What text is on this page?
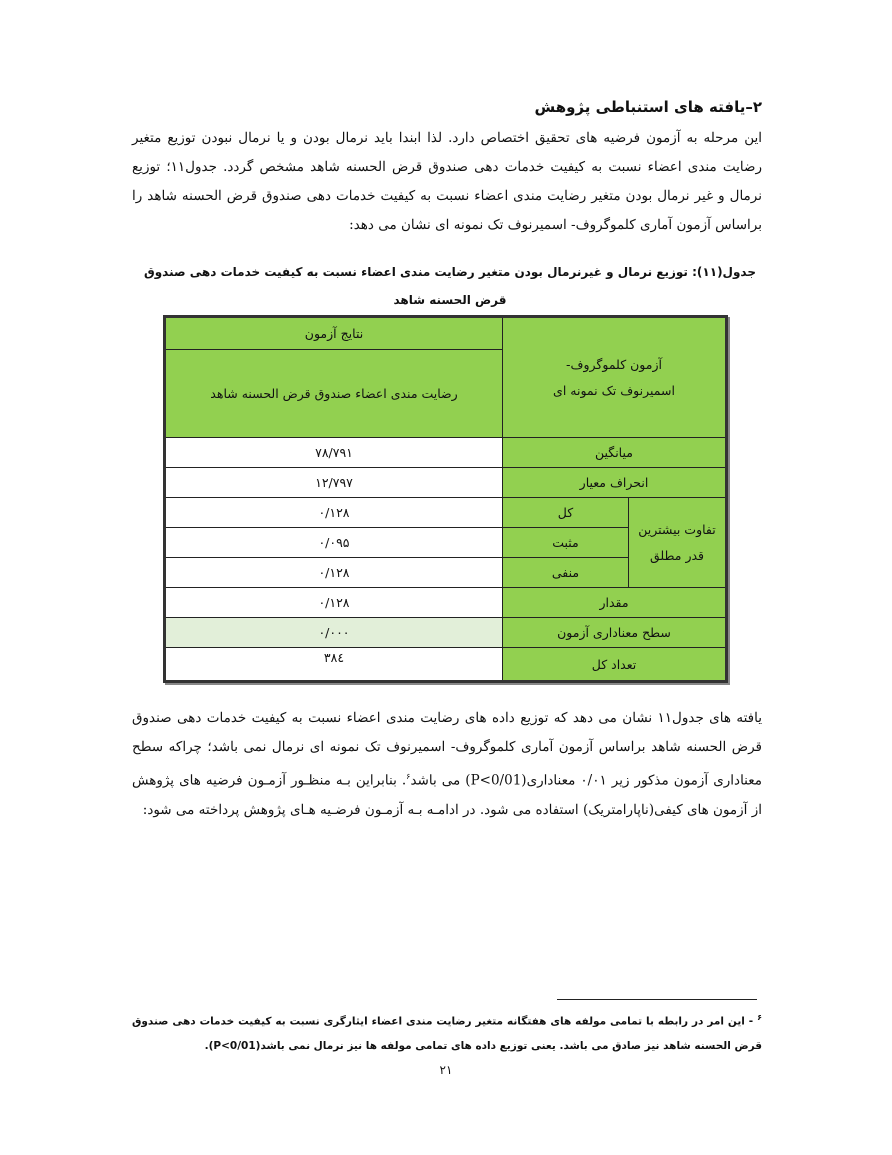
۲–یافته های استنباطی پژوهش
این مرحله به آزمون فرضیه های تحقیق اختصاص دارد. لذا ابندا باید نرمال بودن و یا نرمال نبودن توزیع متغیر رضایت مندی اعضاء نسبت به کیفیت خدمات دهی صندوق قرض الحسنه شاهد مشخص گردد. جدول۱۱؛ توزیع نرمال و غیر نرمال بودن متغیر رضایت مندی اعضاء نسبت به کیفیت خدمات دهی صندوق قرض الحسنه شاهد را براساس آزمون آماری کلموگروف- اسمیرنوف تک نمونه ای نشان می دهد:
جدول(۱۱): توزیع نرمال و غیرنرمال بودن متغیر رضایت مندی اعضاء نسبت به کیفیت خدمات دهی صندوق قرض الحسنه شاهد
آزمون کلموگروف- اسمیرنوف تک نمونه ای		نتایج آزمون
		رضایت مندی اعضاء صندوق قرض الحسنه شاهد
میانگین		۷۸/۷۹۱
انحراف معیار		۱۲/۷۹۷

تفاوت بیشترین قدر مطلق	کل	۰/۱۲۸
	مثبت	۰/۰۹۵
	منفی	۰/۱۲۸
مقدار		۰/۱۲۸
سطح معناداری آزمون		۰/۰۰۰
تعداد کل		۳۸٤
یافته های جدول۱۱ نشان می دهد که توزیع داده های رضایت مندی اعضاء نسبت به کیفیت خدمات دهی صندوق قرض الحسنه شاهد براساس آزمون آماری کلموگروف- اسمیرنوف تک نمونه ای نرمال نمی باشد؛ چراکه سطح معناداری آزمون مذکور زیر ۰/۰۱ معناداری(P<0/01) می باشد$^۶$. بنابراین بـه منظـور آزمـون فرضیه های پژوهش از آزمون های کیفی(ناپارامتریک) استفاده می شود. در ادامـه بـه آزمـون فرضـیه هـای پژوهش پرداخته می شود:
$^۶$ - این امر در رابطه با تمامی مولفه های هفتگانه متغیر رضایت مندی اعضاء ایثارگری نسبت به کیفیت خدمات دهی صندوق قرض الحسنه شاهد نیز صادق می باشد. یعنی توزیع داده های تمامی مولفه ها نیز نرمال نمی باشد(P<0/01).
۲۱
